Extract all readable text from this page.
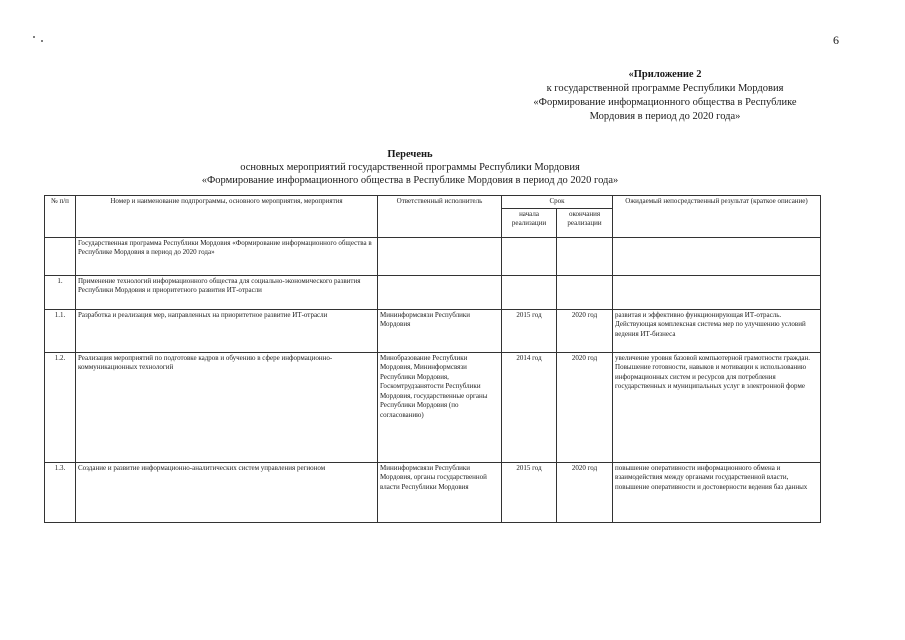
6
«Приложение 2
к государственной программе Республики Мордовия
«Формирование информационного общества в Республике
Мордовия в период до 2020 года»
Перечень
основных мероприятий государственной программы Республики Мордовия
«Формирование информационного общества в Республике Мордовия в период до 2020 года»
№ п/п	Номер и наименование подпрограммы, основного мероприятия, мероприятия	Ответственный исполнитель	Срок		Ожидаемый непосредственный результат (краткое описание)
			начала реализации	окончания реализации	
	Государственная программа Республики Мордовия «Формирование информационного общества в Республике Мордовия в период до 2020 года»				
1.	Применение технологий информационного общества для социально-экономического развития Республики Мордовия и приоритетного развития ИТ-отрасли				
1.1.	Разработка и реализация мер, направленных на приоритетное развитие ИТ-отрасли	Мининформсвязи Республики Мордовия	2015 год	2020 год	развитая и эффективно функционирующая ИТ-отрасль. Действующая комплексная система мер по улучшению условий ведения ИТ-бизнеса
1.2.	Реализация мероприятий по подготовке кадров и обучению в сфере информационно-коммуникационных технологий	Минобразование Республики Мордовия, Мининформсвязи Республики Мордовия, Госкомтрудзанятости Республики Мордовия, государственные органы Республики Мордовия (по согласованию)	2014 год	2020 год	увеличение уровня базовой компьютерной грамотности граждан. Повышение готовности, навыков и мотивации к использованию информационных систем и ресурсов для потребления государственных и муниципальных услуг в электронной форме
1.3.	Создание и развитие информационно-аналитических систем управления регионом	Мининформсвязи Республики Мордовия, органы государственной власти Республики Мордовия	2015 год	2020 год	повышение оперативности информационного обмена и взаимодействия между органами государственной власти, повышение оперативности и достоверности ведения баз данных
